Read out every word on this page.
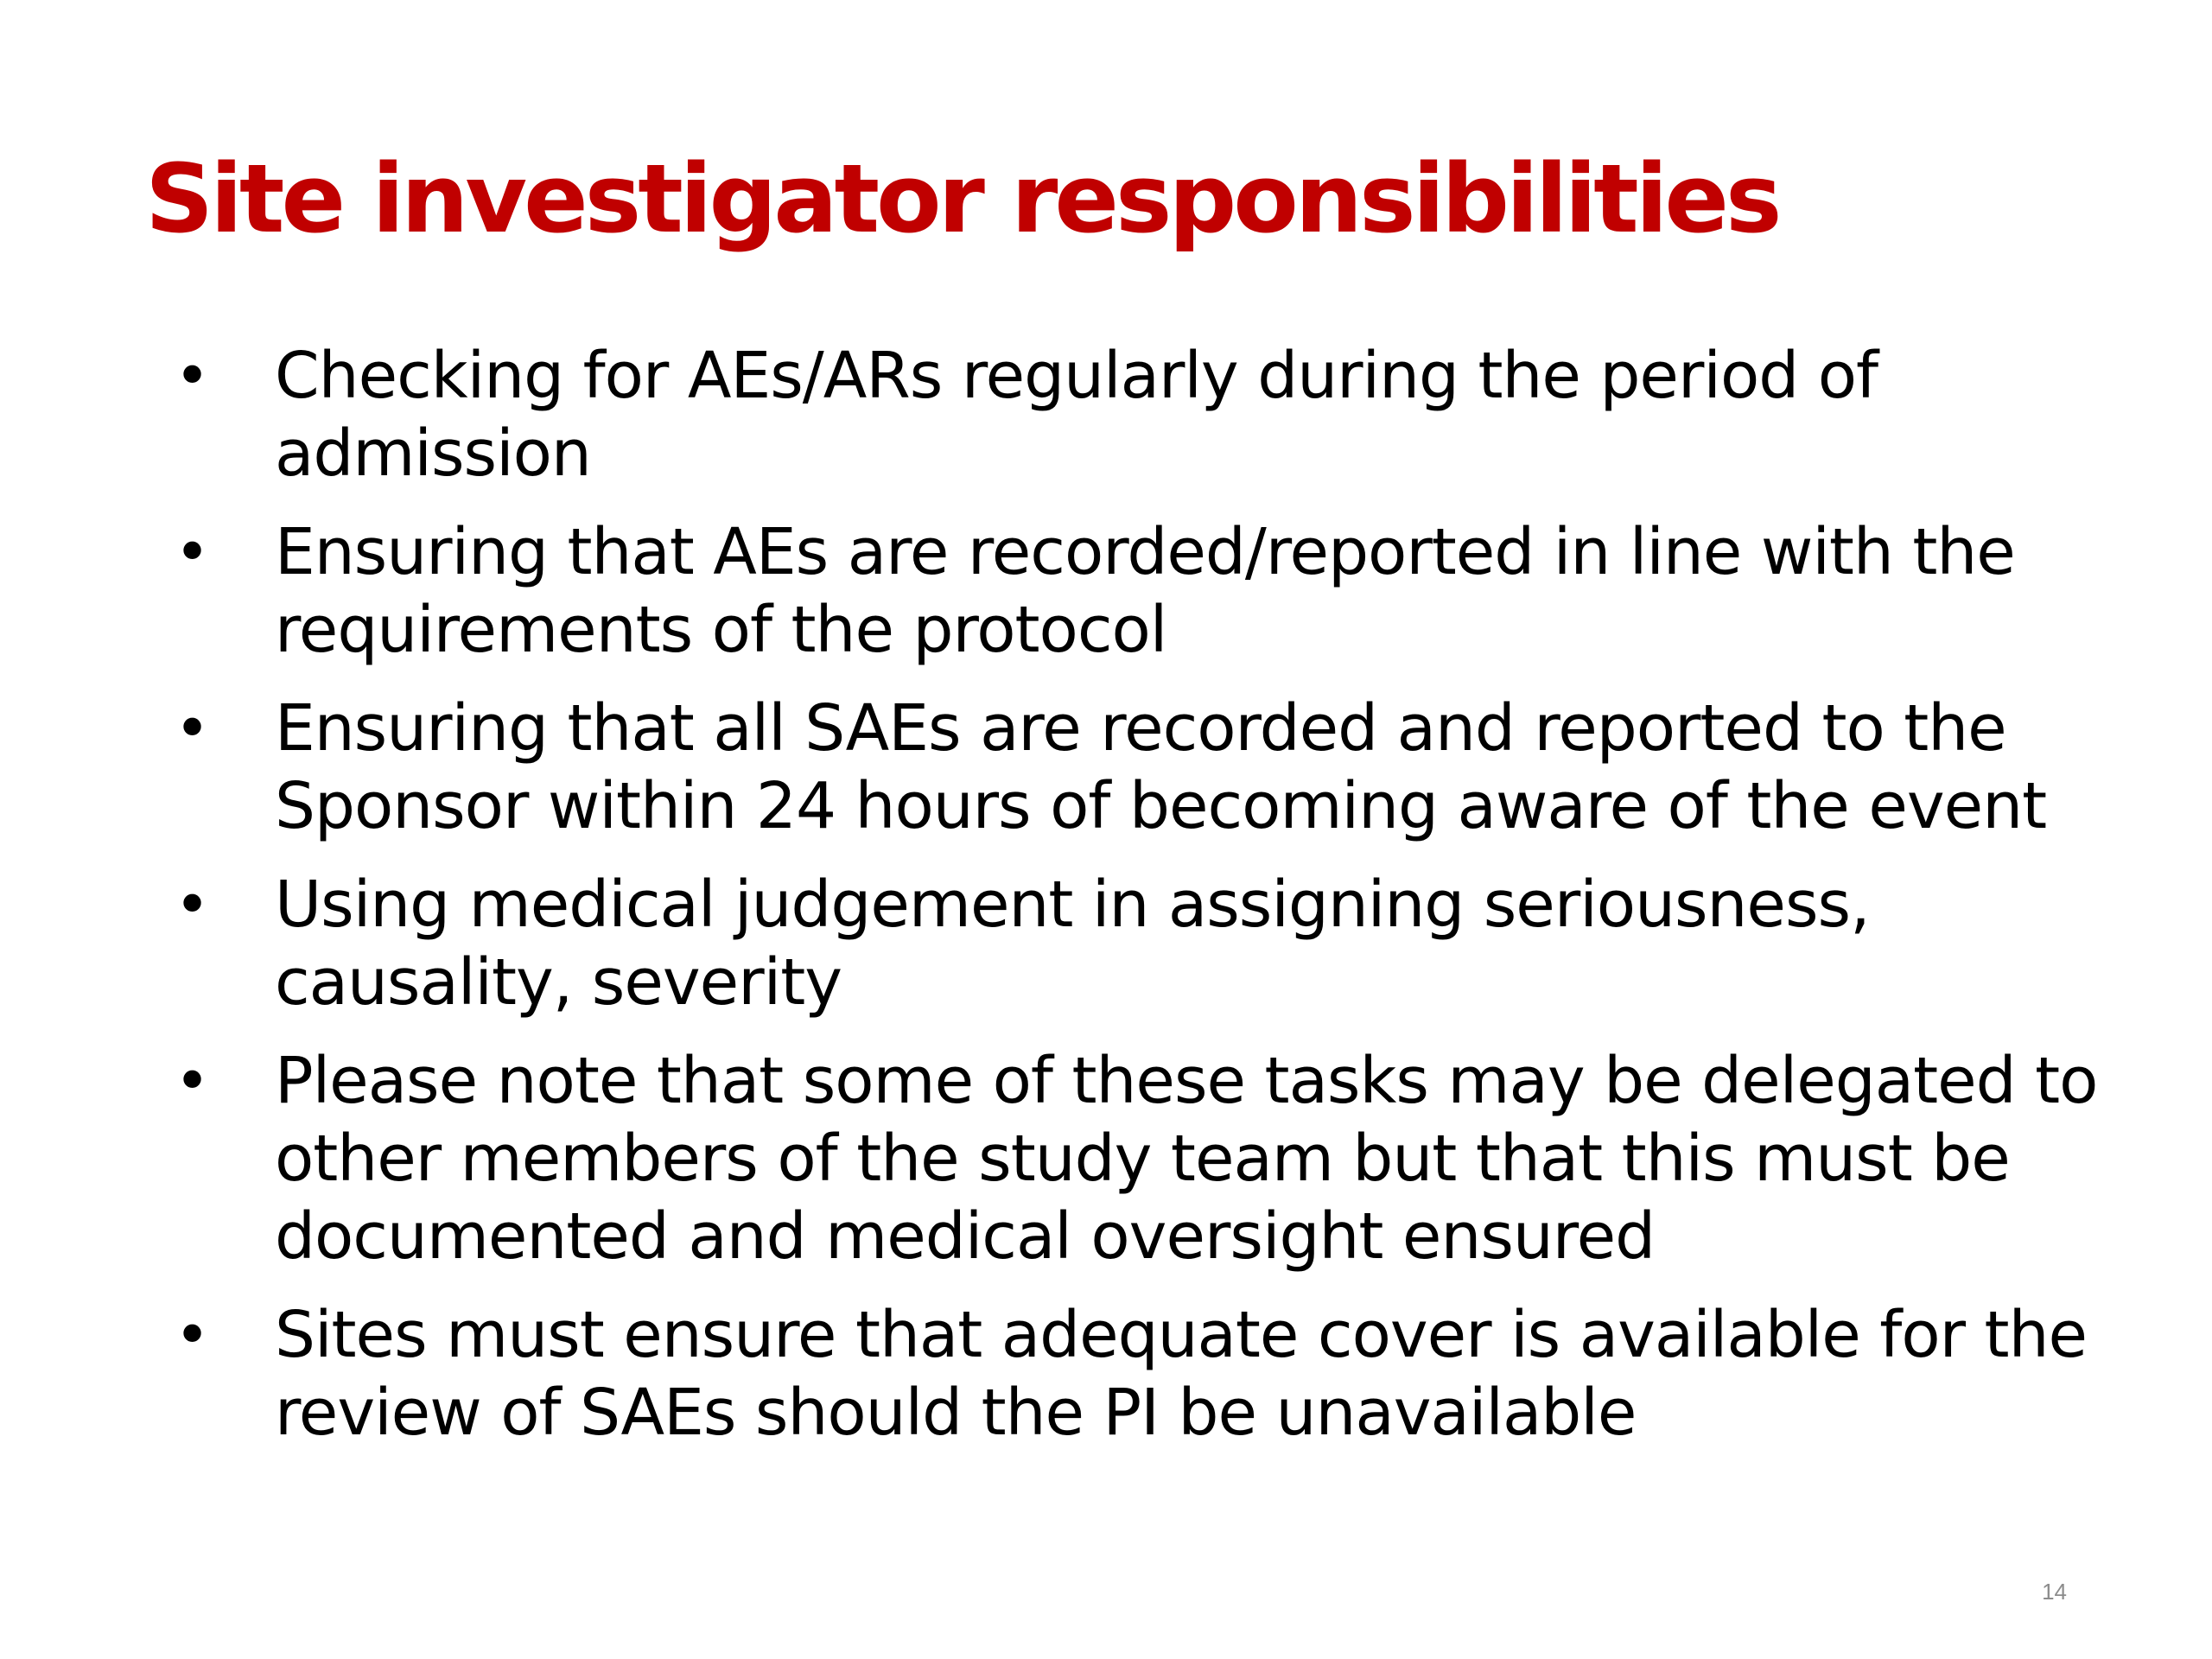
Site investigator responsibilities
• Checking for AEs/ARs regularly during the period of admission
• Ensuring that AEs are recorded/reported in line with the requirements of the protocol
• Ensuring that all SAEs are recorded and reported to the Sponsor within 24 hours of becoming aware of the event
• Using medical judgement in assigning seriousness, causality, severity
• Please note that some of these tasks may be delegated to other members of the study team but that this must be documented and medical oversight ensured
• Sites must ensure that adequate cover is available for the review of SAEs should the PI be unavailable
14
